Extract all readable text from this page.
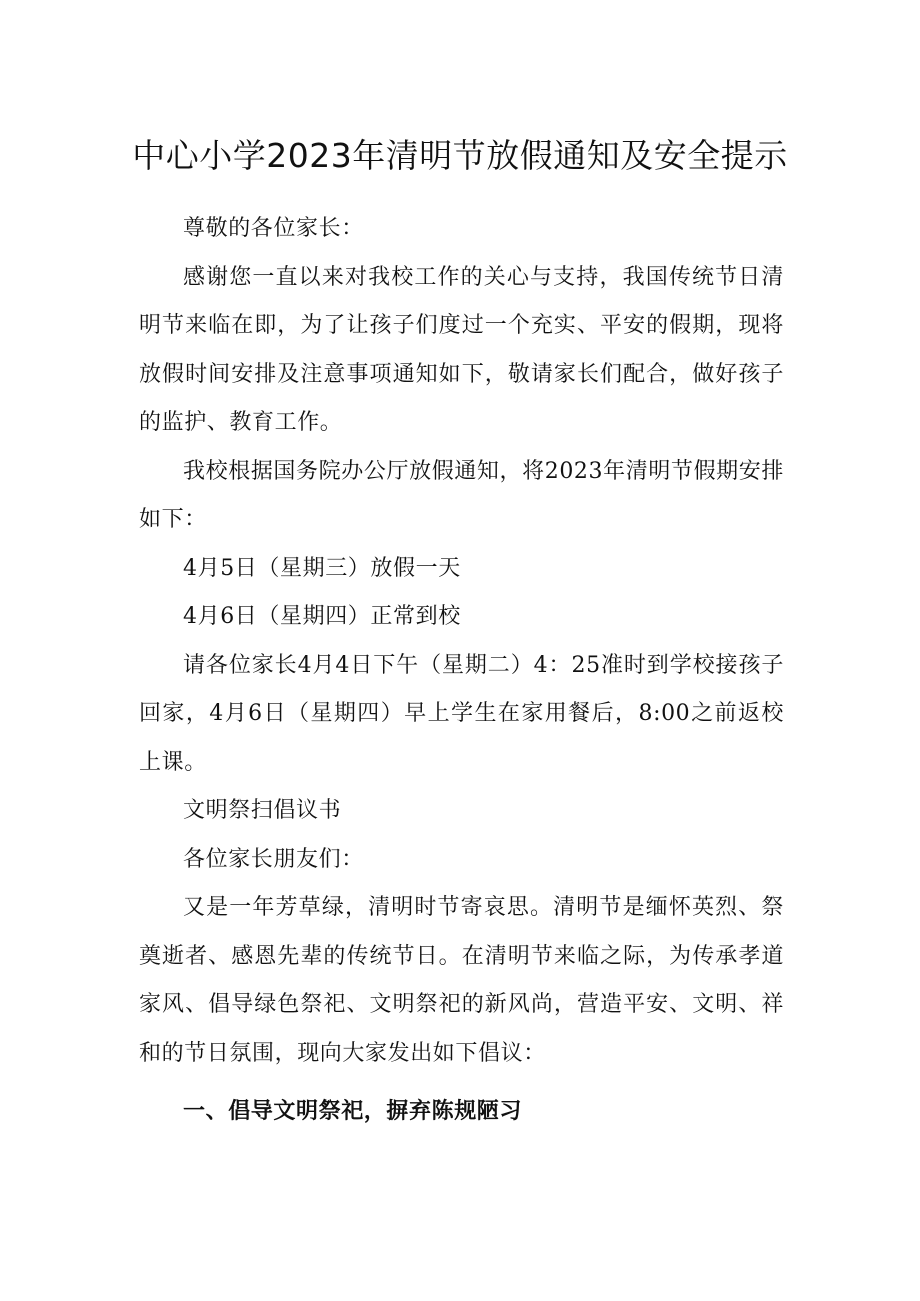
中心小学2023年清明节放假通知及安全提示

尊敬的各位家长：

感谢您一直以来对我校工作的关心与支持，我国传统节日清明节来临在即，为了让孩子们度过一个充实、平安的假期，现将放假时间安排及注意事项通知如下，敬请家长们配合，做好孩子的监护、教育工作。

我校根据国务院办公厅放假通知，将2023年清明节假期安排如下：

4月5日（星期三）放假一天

4月6日（星期四）正常到校

请各位家长4月4日下午（星期二）4：25准时到学校接孩子回家，4月6日（星期四）早上学生在家用餐后，8:00之前返校上课。

文明祭扫倡议书

各位家长朋友们：

又是一年芳草绿，清明时节寄哀思。清明节是缅怀英烈、祭奠逝者、感恩先辈的传统节日。在清明节来临之际，为传承孝道家风、倡导绿色祭祀、文明祭祀的新风尚，营造平安、文明、祥和的节日氛围，现向大家发出如下倡议：

一、倡导文明祭祀，摒弃陈规陋习
